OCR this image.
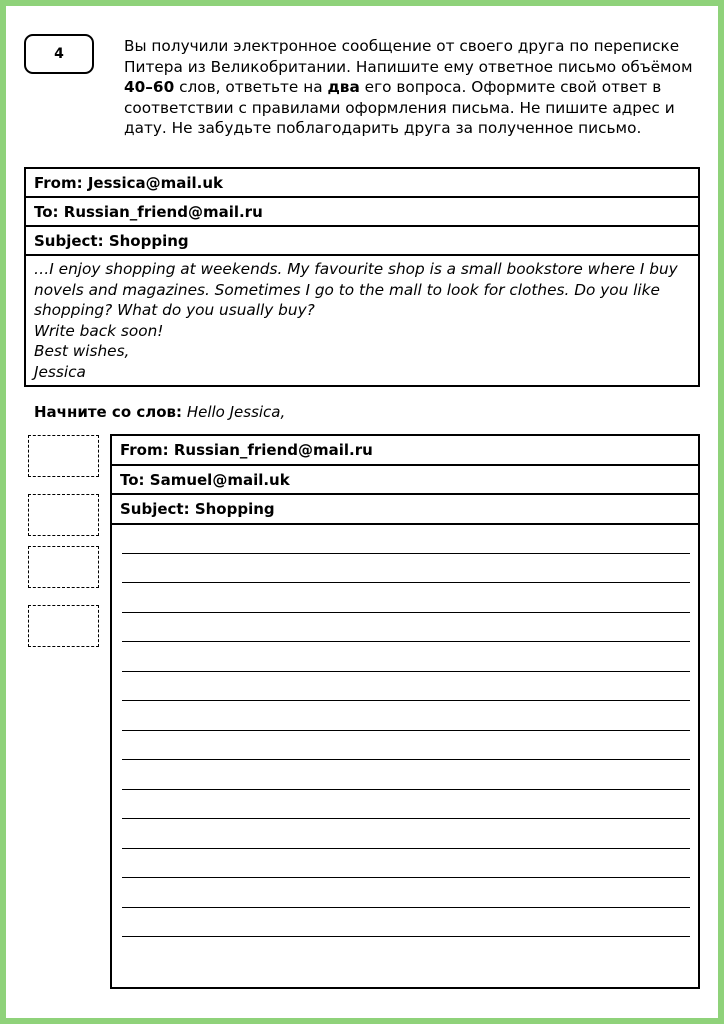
4	Вы получили электронное сообщение от своего друга по переписке
Питера из Великобритании. Напишите ему ответное письмо объёмом
40–60 слов, ответьте на два его вопроса. Оформите свой ответ в
соответствии с правилами оформления письма. Не пишите адрес и
дату. Не забудьте поблагодарить друга за полученное письмо.
From: Jessica@mail.uk
To: Russian_friend@mail.ru
Subject: Shopping
…I enjoy shopping at weekends. My favourite shop is a small bookstore where I buy
novels and magazines. Sometimes I go to the mall to look for clothes. Do you like
shopping? What do you usually buy?
Write back soon!
Best wishes,
Jessica
Начните со слов: Hello Jessica,
From: Russian_friend@mail.ru
To: Samuel@mail.uk
Subject: Shopping
